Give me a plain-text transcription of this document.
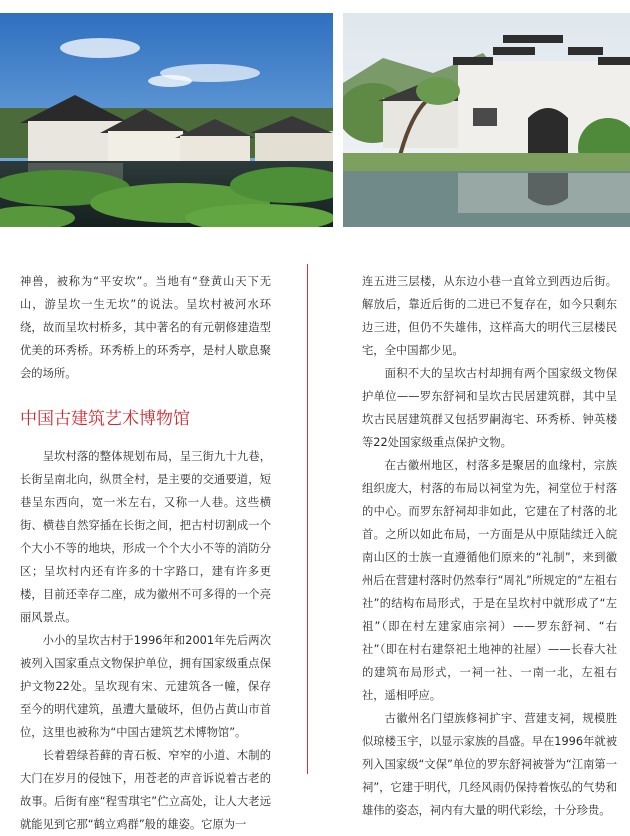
神兽，被称为“平安坎”。当地有“登黄山天下无山，游呈坎一生无坎”的说法。呈坎村被河水环绕，故而呈坎村桥多，其中著名的有元朝修建造型优美的环秀桥。环秀桥上的环秀亭，是村人歇息聚会的场所。

中国古建筑艺术博物馆

呈坎村落的整体规划布局，呈三街九十九巷，长街呈南北向，纵贯全村，是主要的交通要道，短巷呈东西向，宽一米左右，又称一人巷。这些横街、横巷自然穿插在长街之间，把古村切割成一个个大小不等的地块，形成一个个大小不等的消防分区；呈坎村内还有许多的十字路口，建有许多更楼，目前还幸存二座，成为徽州不可多得的一个亮丽风景点。

小小的呈坎古村于1996年和2001年先后两次被列入国家重点文物保护单位，拥有国家级重点保护文物22处。呈坎现有宋、元建筑各一幢，保存至今的明代建筑，虽遭大量破坏，但仍占黄山市首位，这里也被称为“中国古建筑艺术博物馆”。

长着碧绿苔藓的青石板、窄窄的小道、木制的大门在岁月的侵蚀下，用苍老的声音诉说着古老的故事。后街有座“程雪琪宅”伫立高处，让人大老远就能见到它那“鹤立鸡群”般的雄姿。它原为一

连五进三层楼，从东边小巷一直耸立到西边后街。解放后，靠近后街的二进已不复存在，如今只剩东边三进，但仍不失雄伟，这样高大的明代三层楼民宅，全中国都少见。

面积不大的呈坎古村却拥有两个国家级文物保护单位——罗东舒祠和呈坎古民居建筑群，其中呈坎古民居建筑群又包括罗嗣海宅、环秀桥、钟英楼等22处国家级重点保护文物。

在古徽州地区，村落多是聚居的血缘村，宗族组织庞大，村落的布局以祠堂为先，祠堂位于村落的中心。而罗东舒祠却非如此，它建在了村落的北首。之所以如此布局，一方面是从中原陆续迁入皖南山区的士族一直遵循他们原来的“礼制”，来到徽州后在营建村落时仍然奉行“周礼”所规定的“左祖右社”的结构布局形式，于是在呈坎村中就形成了“左祖”（即在村左建家庙宗祠）——罗东舒祠、“右社”（即在村右建祭祀土地神的社屋）——长春大社的建筑布局形式，一祠一社、一南一北，左祖右社，遥相呼应。

古徽州名门望族修祠扩宇、营建支祠，规模胜似琼楼玉宇，以显示家族的昌盛。早在1996年就被列入国家级“文保”单位的罗东舒祠被誉为“江南第一祠”，它建于明代，几经风雨仍保持着恢弘的气势和雄伟的姿态，祠内有大量的明代彩绘，十分珍贵。
